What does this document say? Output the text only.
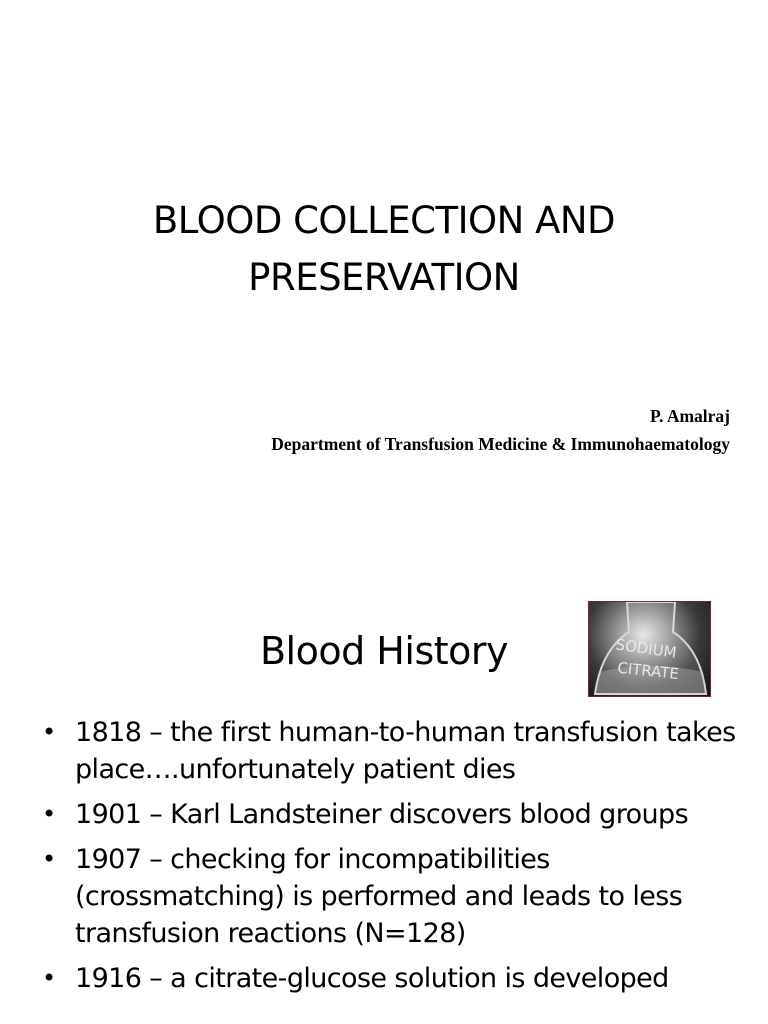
BLOOD COLLECTION AND
PRESERVATION
P. Amalraj
Department of Transfusion Medicine & Immunohaematology
Blood History	SODIUM
CITRATE
• 1818 – the first human-to-human transfusion takes place….unfortunately patient dies
• 1901 – Karl Landsteiner discovers blood groups
• 1907 – checking for incompatibilities (crossmatching) is performed and leads to less transfusion reactions (N=128)
• 1916 – a citrate-glucose solution is developed
